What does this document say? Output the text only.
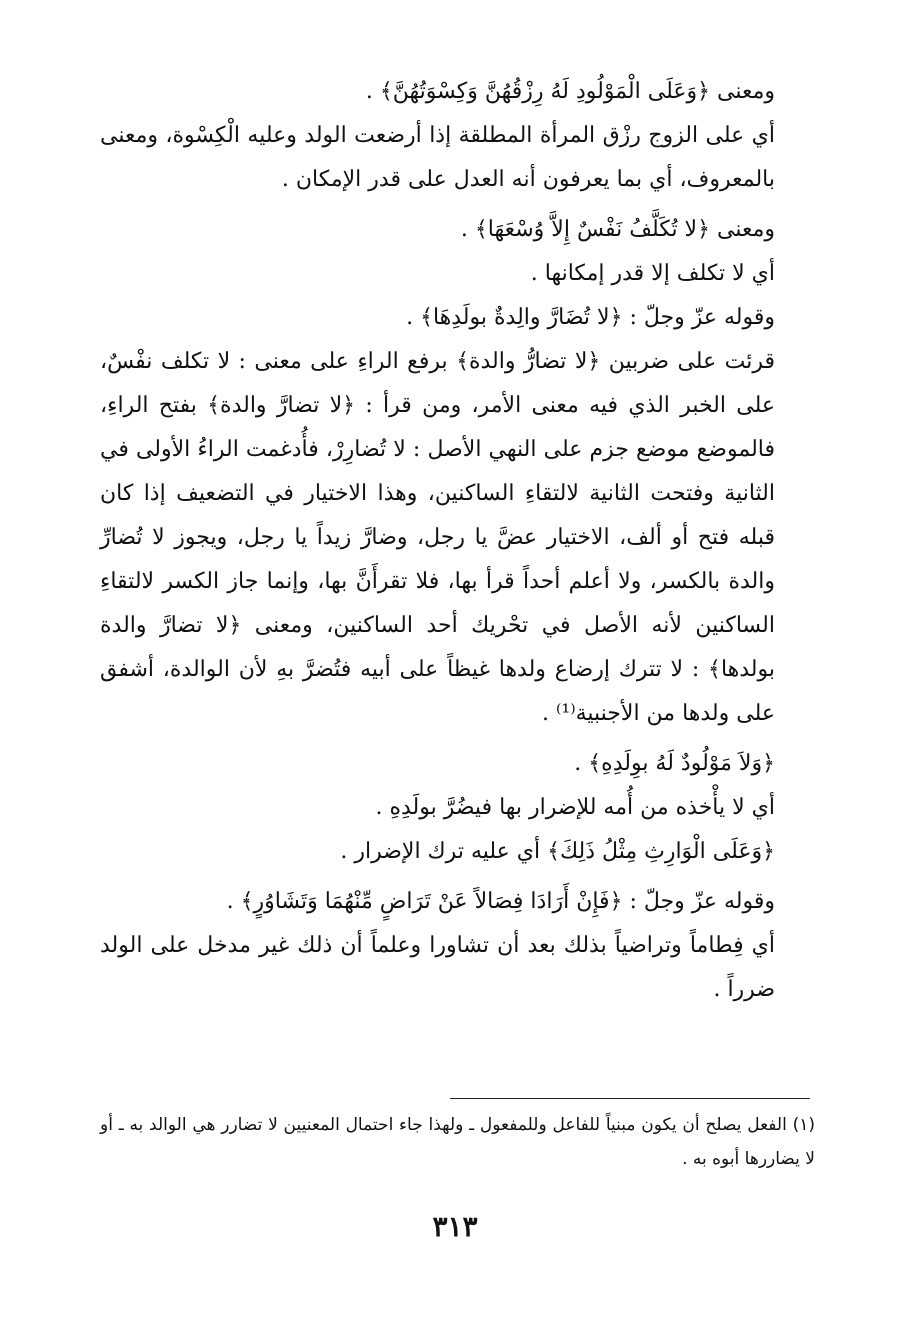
ومعنى ﴿وَعَلَى الْمَوْلُودِ لَهُ رِزْقُهُنَّ وَكِسْوَتُهُنَّ﴾ .

أي على الزوج رزْق المرأة المطلقة إذا أرضعت الولد وعليه الْكِسْوة، ومعنى بالمعروف، أي بما يعرفون أنه العدل على قدر الإمكان .

ومعنى ﴿لا تُكَلَّفُ نَفْسٌ إِلاَّ وُسْعَهَا﴾ .

أي لا تكلف إلا قدر إمكانها .

وقوله عزّ وجلّ : ﴿لا تُضَارَّ والِدةٌ بولَدِهَا﴾ .

قرئت على ضربين ﴿لا تضارُّ والدة﴾ برفع الراءِ على معنى : لا تكلف نفْسٌ، على الخبر الذي فيه معنى الأمر، ومن قرأ : ﴿لا تضارَّ والدة﴾ بفتح الراءِ، فالموضع موضع جزم على النهي الأصل : لا تُضارِرْ، فأُدغمت الراءُ الأولى في الثانية وفتحت الثانية لالتقاءِ الساكنين، وهذا الاختيار في التضعيف إذا كان قبله فتح أو ألف، الاختيار عضَّ يا رجل، وضارَّ زيداً يا رجل، ويجوز لا تُضارِّ والدة بالكسر، ولا أعلم أحداً قرأ بها، فلا تقرأَنَّ بها، وإنما جاز الكسر لالتقاءِ الساكنين لأنه الأصل في تحْريك أحد الساكنين، ومعنى ﴿لا تضارَّ والدة بولدها﴾ : لا تترك إرضاع ولدها غيظاً على أبيه فتُضرَّ بهِ لأن الوالدة، أشفق على ولدها من الأجنبية⁽¹⁾ .

﴿وَلاَ مَوْلُودٌ لَهُ بوِلَدِهِ﴾ .

أي لا يأْخذه من أُمه للإضرار بها فيضُرَّ بولَدِهِ .

﴿وَعَلَى الْوَارِثِ مِثْلُ ذَلِكَ﴾ أي عليه ترك الإضرار .

وقوله عزّ وجلّ : ﴿فَإِنْ أَرَادَا فِصَالاً عَنْ تَرَاضٍ مِّنْهُمَا وَتَشَاوُرٍ﴾ .

أي فِطاماً وتراضياً بذلك بعد أن تشاورا وعلماً أن ذلك غير مدخل على الولد ضرراً .

(١) الفعل يصلح أن يكون مبنياً للفاعل وللمفعول ـ ولهذا جاء احتمال المعنيين لا تضارر هي الوالد به ـ أو لا يضاررها أبوه به .
٣١٣
